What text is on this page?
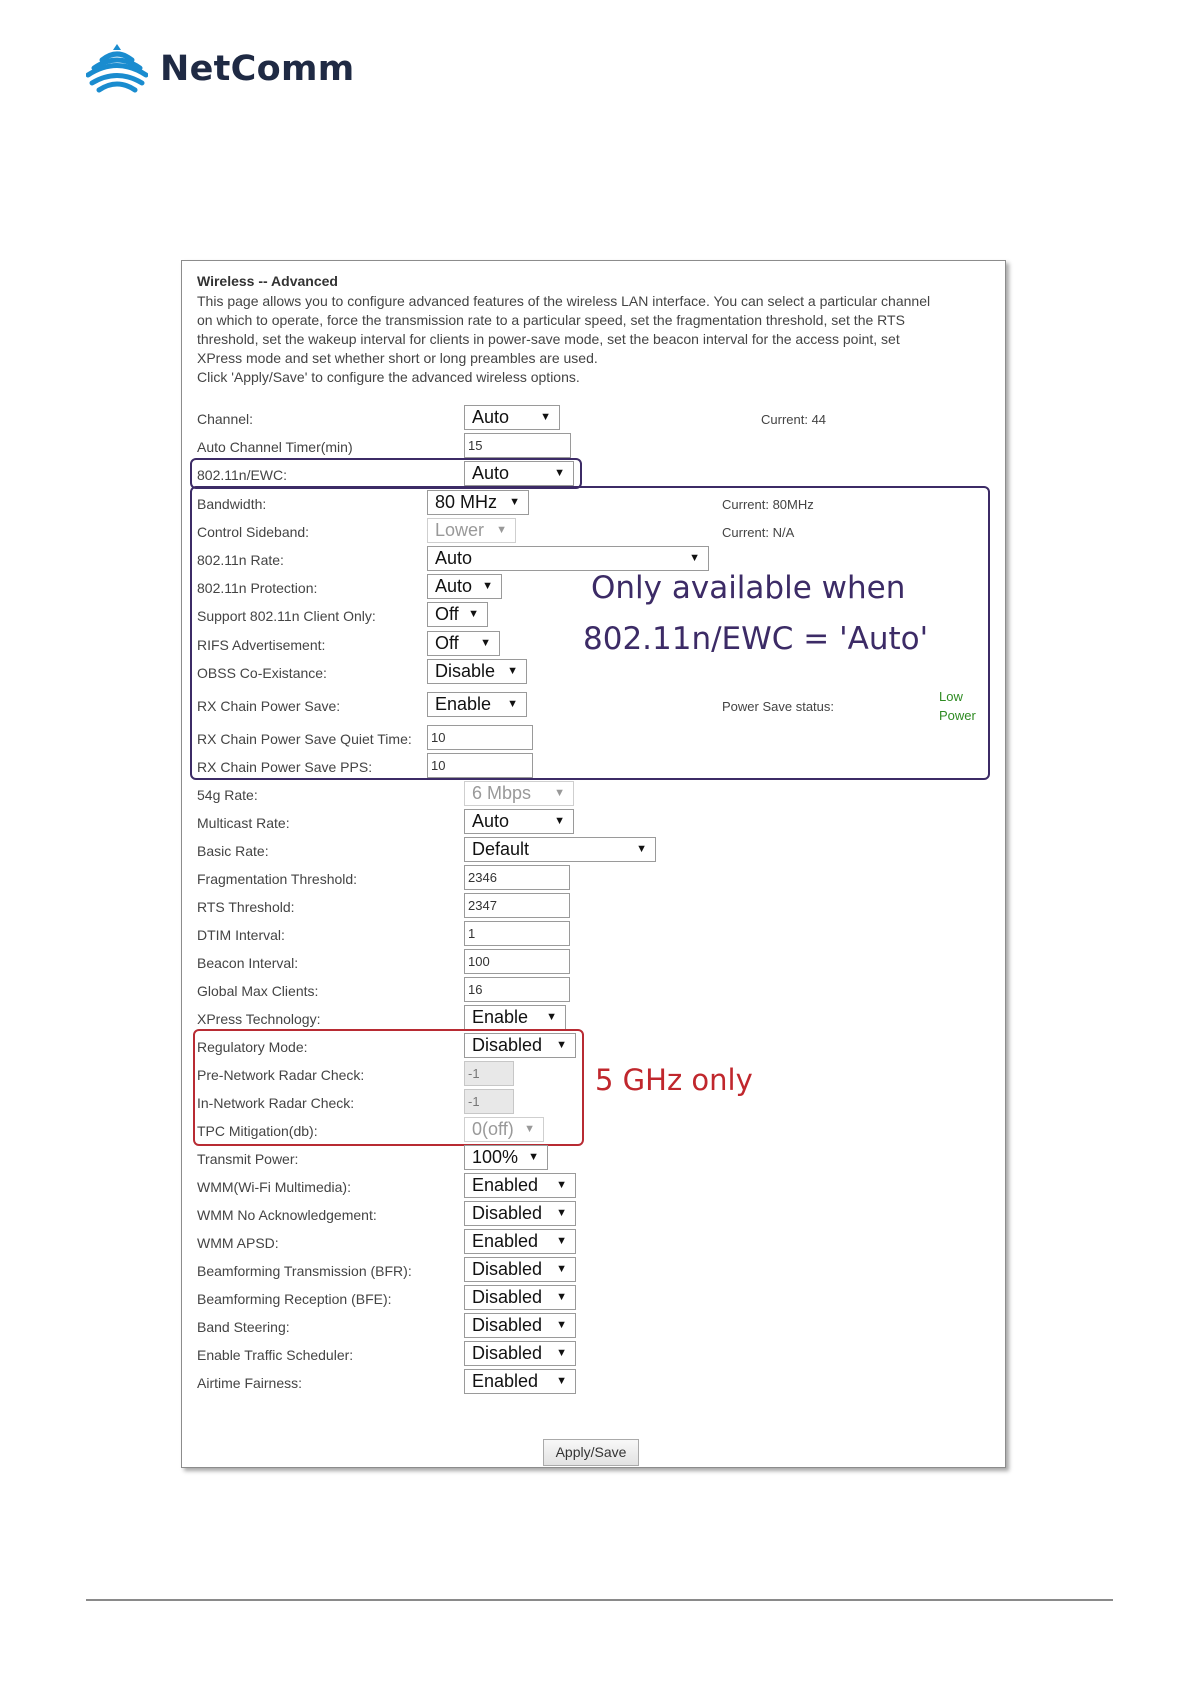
NetComm
Wireless -- Advanced

This page allows you to configure advanced features of the wireless LAN interface. You can select a particular channel

on which to operate, force the transmission rate to a particular speed, set the fragmentation threshold, set the RTS

threshold, set the wakeup interval for clients in power-save mode, set the beacon interval for the access point, set

XPress mode and set whether short or long preambles are used.

Click 'Apply/Save' to configure the advanced wireless options.

Channel:	Auto	▼	Current: 44
Auto Channel Timer(min)	15
802.11n/EWC:	Auto	▼
Bandwidth:	80 MHz ▼	Current: 80MHz
Control Sideband:	Lower ▼	Current: N/A
802.11n Rate:	Auto	▼
802.11n Protection:	Auto ▼
Support 802.11n Client Only:	Off ▼
RIFS Advertisement:	Off ▼
OBSS Co-Existance:	Disable ▼
RX Chain Power Save:	Enable ▼	Power Save status:
Low
Power
RX Chain Power Save Quiet Time:	10
RX Chain Power Save PPS:	10
Only available when
802.11n/EWC = 'Auto'
54g Rate:	6 Mbps ▼
Multicast Rate:	Auto	▼
Basic Rate:	Default	▼
Fragmentation Threshold:	2346
RTS Threshold:	2347
DTIM Interval:	1
Beacon Interval:	100
Global Max Clients:	16
XPress Technology:	Enable ▼
Regulatory Mode:	Disabled ▼
Pre-Network Radar Check:	-1
In-Network Radar Check:	-1
TPC Mitigation(db):	0(off) ▼
5 GHz only
Transmit Power:	100% ▼
WMM(Wi-Fi Multimedia):	Enabled ▼
WMM No Acknowledgement:	Disabled ▼
WMM APSD:	Enabled ▼
Beamforming Transmission (BFR):	Disabled ▼
Beamforming Reception (BFE):	Disabled ▼
Band Steering:	Disabled ▼
Enable Traffic Scheduler:	Disabled ▼
Airtime Fairness:	Enabled ▼
Apply/Save
